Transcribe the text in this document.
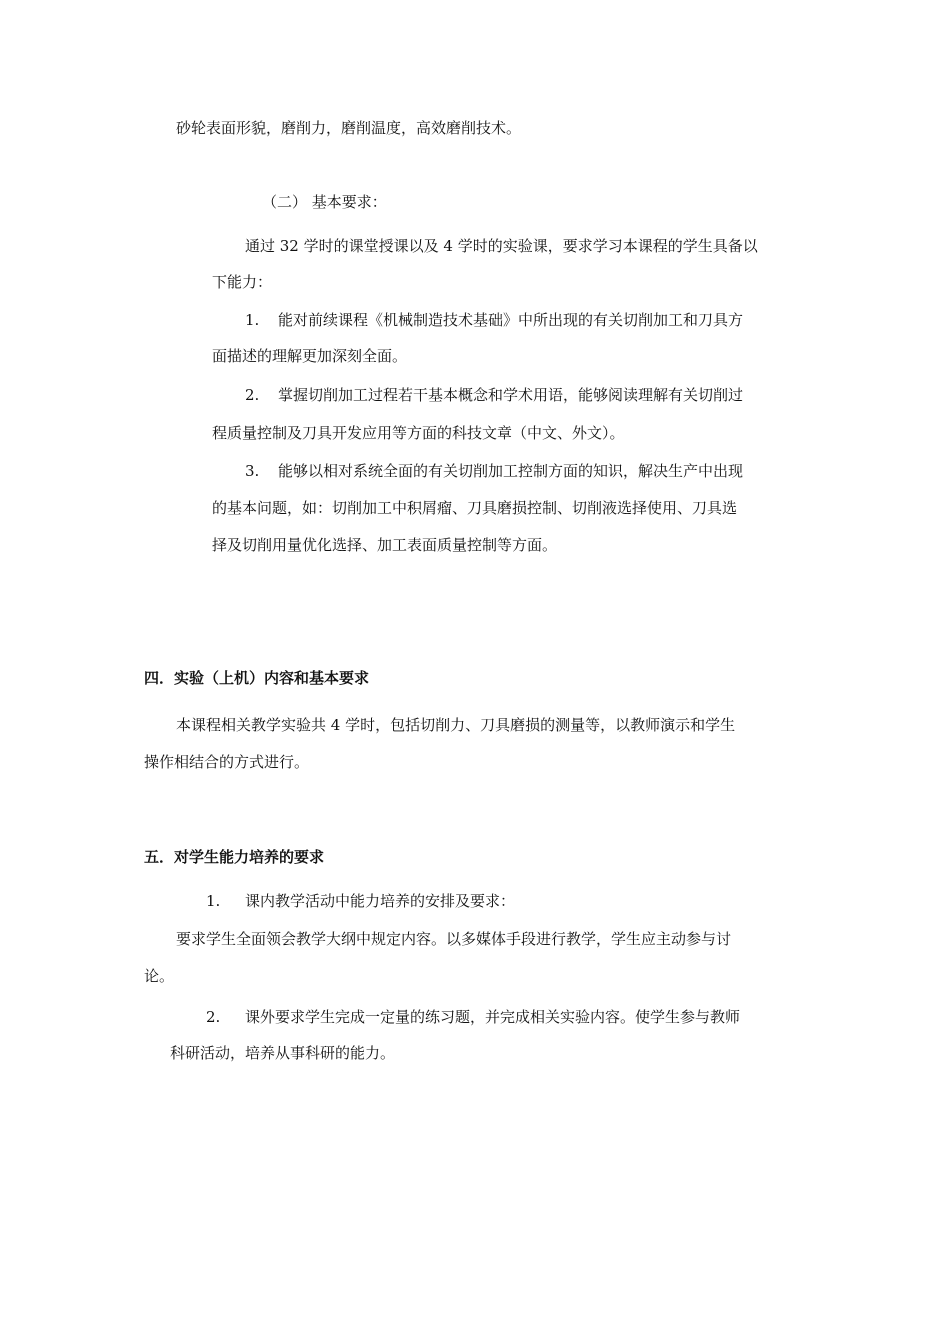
砂轮表面形貌，磨削力，磨削温度，高效磨削技术。
（二） 基本要求：
通过 32 学时的课堂授课以及 4 学时的实验课，要求学习本课程的学生具备以
下能力：
1. 能对前续课程《机械制造技术基础》中所出现的有关切削加工和刀具方
面描述的理解更加深刻全面。
2. 掌握切削加工过程若干基本概念和学术用语，能够阅读理解有关切削过
程质量控制及刀具开发应用等方面的科技文章（中文、外文）。
3. 能够以相对系统全面的有关切削加工控制方面的知识，解决生产中出现
的基本问题，如：切削加工中积屑瘤、刀具磨损控制、切削液选择使用、刀具选
择及切削用量优化选择、加工表面质量控制等方面。
四．实验（上机）内容和基本要求
本课程相关教学实验共 4 学时，包括切削力、刀具磨损的测量等，以教师演示和学生
操作相结合的方式进行。
五．对学生能力培养的要求
1. 课内教学活动中能力培养的安排及要求：
要求学生全面领会教学大纲中规定内容。以多媒体手段进行教学，学生应主动参与讨
论。
2. 课外要求学生完成一定量的练习题，并完成相关实验内容。使学生参与教师
科研活动，培养从事科研的能力。
